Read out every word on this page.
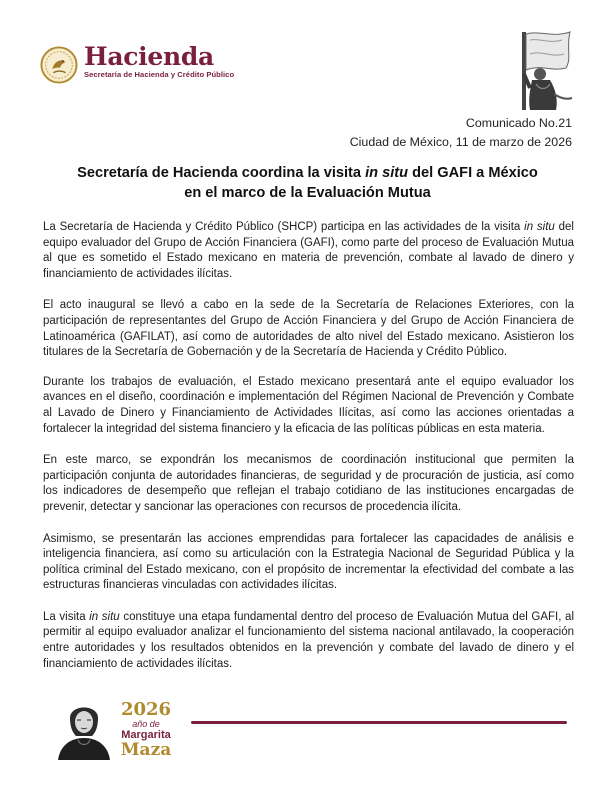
Hacienda
Secretaría de Hacienda y Crédito Público
Comunicado No.21
Ciudad de México, 11 de marzo de 2026
Secretaría de Hacienda coordina la visita in situ del GAFI a México
en el marco de la Evaluación Mutua

La Secretaría de Hacienda y Crédito Público (SHCP) participa en las actividades de la visita in situ del equipo evaluador del Grupo de Acción Financiera (GAFI), como parte del proceso de Evaluación Mutua al que es sometido el Estado mexicano en materia de prevención, combate al lavado de dinero y financiamiento de actividades ilícitas.

El acto inaugural se llevó a cabo en la sede de la Secretaría de Relaciones Exteriores, con la participación de representantes del Grupo de Acción Financiera y del Grupo de Acción Financiera de Latinoamérica (GAFILAT), así como de autoridades de alto nivel del Estado mexicano. Asistieron los titulares de la Secretaría de Gobernación y de la Secretaría de Hacienda y Crédito Público.

Durante los trabajos de evaluación, el Estado mexicano presentará ante el equipo evaluador los avances en el diseño, coordinación e implementación del Régimen Nacional de Prevención y Combate al Lavado de Dinero y Financiamiento de Actividades Ilícitas, así como las acciones orientadas a fortalecer la integridad del sistema financiero y la eficacia de las políticas públicas en esta materia.

En este marco, se expondrán los mecanismos de coordinación institucional que permiten la participación conjunta de autoridades financieras, de seguridad y de procuración de justicia, así como los indicadores de desempeño que reflejan el trabajo cotidiano de las instituciones encargadas de prevenir, detectar y sancionar las operaciones con recursos de procedencia ilícita.

Asimismo, se presentarán las acciones emprendidas para fortalecer las capacidades de análisis e inteligencia financiera, así como su articulación con la Estrategia Nacional de Seguridad Pública y la política criminal del Estado mexicano, con el propósito de incrementar la efectividad del combate a las estructuras financieras vinculadas con actividades ilícitas.

La visita in situ constituye una etapa fundamental dentro del proceso de Evaluación Mutua del GAFI, al permitir al equipo evaluador analizar el funcionamiento del sistema nacional antilavado, la cooperación entre autoridades y los resultados obtenidos en la prevención y combate del lavado de dinero y el financiamiento de actividades ilícitas.

2026
año de
Margarita
Maza
